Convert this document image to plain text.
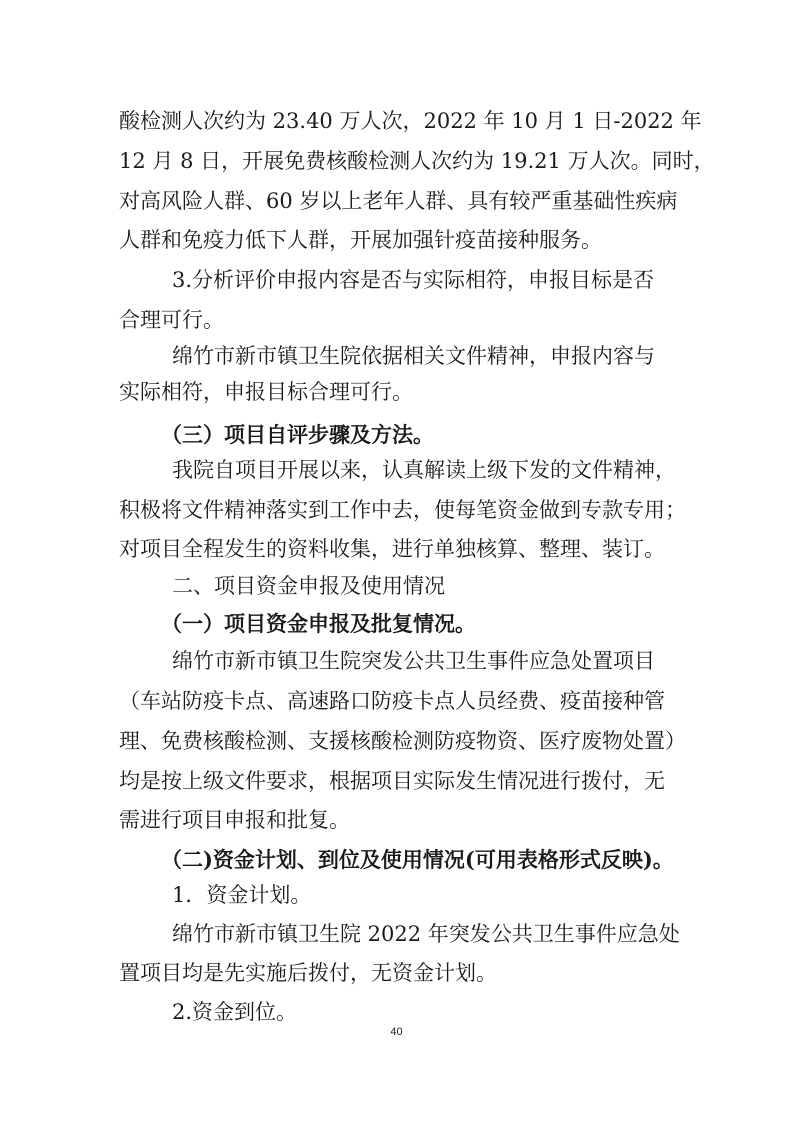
酸检测人次约为 23.40 万人次，2022 年 10 月 1 日-2022 年
12 月 8 日，开展免费核酸检测人次约为 19.21 万人次。同时，
对高风险人群、60 岁以上老年人群、具有较严重基础性疾病
人群和免疫力低下人群，开展加强针疫苗接种服务。
3.分析评价申报内容是否与实际相符，申报目标是否
合理可行。
绵竹市新市镇卫生院依据相关文件精神，申报内容与
实际相符，申报目标合理可行。
（三）项目自评步骤及方法。
我院自项目开展以来，认真解读上级下发的文件精神，
积极将文件精神落实到工作中去，使每笔资金做到专款专用；
对项目全程发生的资料收集，进行单独核算、整理、装订。
二、项目资金申报及使用情况
（一）项目资金申报及批复情况。
绵竹市新市镇卫生院突发公共卫生事件应急处置项目
（车站防疫卡点、高速路口防疫卡点人员经费、疫苗接种管
理、免费核酸检测、支援核酸检测防疫物资、医疗废物处置）
均是按上级文件要求，根据项目实际发生情况进行拨付，无
需进行项目申报和批复。
（二)资金计划、到位及使用情况(可用表格形式反映)。
1．资金计划。
绵竹市新市镇卫生院 2022 年突发公共卫生事件应急处
置项目均是先实施后拨付，无资金计划。
2.资金到位。
40
